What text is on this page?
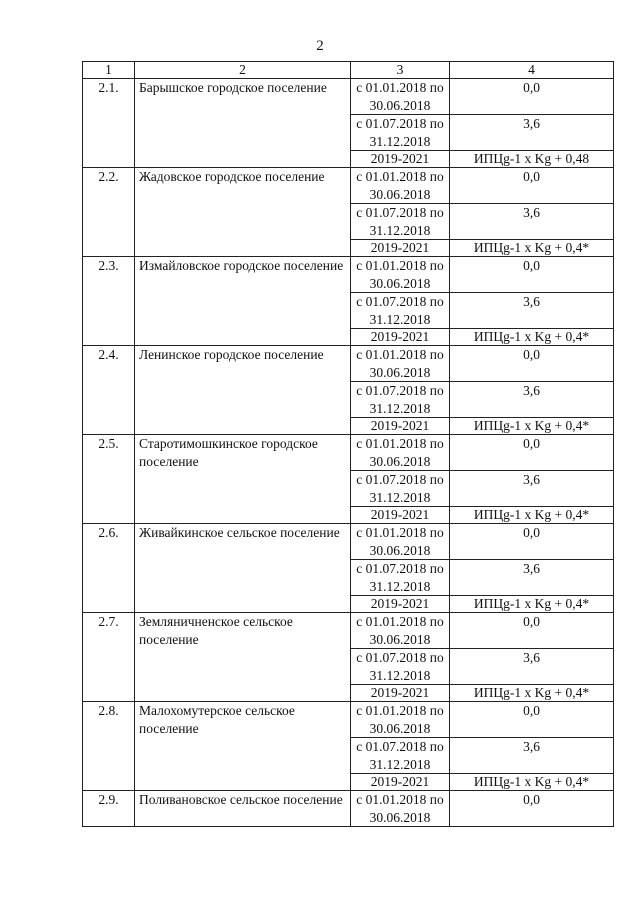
2
1	2	3	4
2.1.	Барышское городское поселение	с 01.01.2018 по 30.06.2018	0,0
		с 01.07.2018 по 31.12.2018	3,6
		2019-2021	ИПЦg-1 x Kg + 0,48
2.2.	Жадовское городское поселение	с 01.01.2018 по 30.06.2018	0,0
		с 01.07.2018 по 31.12.2018	3,6
		2019-2021	ИПЦg-1 x Kg + 0,4*
2.3.	Измайловское городское поселение	с 01.01.2018 по 30.06.2018	0,0
		с 01.07.2018 по 31.12.2018	3,6
		2019-2021	ИПЦg-1 x Kg + 0,4*
2.4.	Ленинское городское поселение	с 01.01.2018 по 30.06.2018	0,0
		с 01.07.2018 по 31.12.2018	3,6
		2019-2021	ИПЦg-1 x Kg + 0,4*
2.5.	Старотимошкинское городское поселение	с 01.01.2018 по 30.06.2018	0,0
		с 01.07.2018 по 31.12.2018	3,6
		2019-2021	ИПЦg-1 x Kg + 0,4*
2.6.	Живайкинское сельское поселение	с 01.01.2018 по 30.06.2018	0,0
		с 01.07.2018 по 31.12.2018	3,6
		2019-2021	ИПЦg-1 x Kg + 0,4*
2.7.	Земляничненское сельское поселение	с 01.01.2018 по 30.06.2018	0,0
		с 01.07.2018 по 31.12.2018	3,6
		2019-2021	ИПЦg-1 x Kg + 0,4*
2.8.	Малохомутерское сельское поселение	с 01.01.2018 по 30.06.2018	0,0
		с 01.07.2018 по 31.12.2018	3,6
		2019-2021	ИПЦg-1 x Kg + 0,4*
2.9.	Поливановское сельское поселение	с 01.01.2018 по 30.06.2018	0,0
